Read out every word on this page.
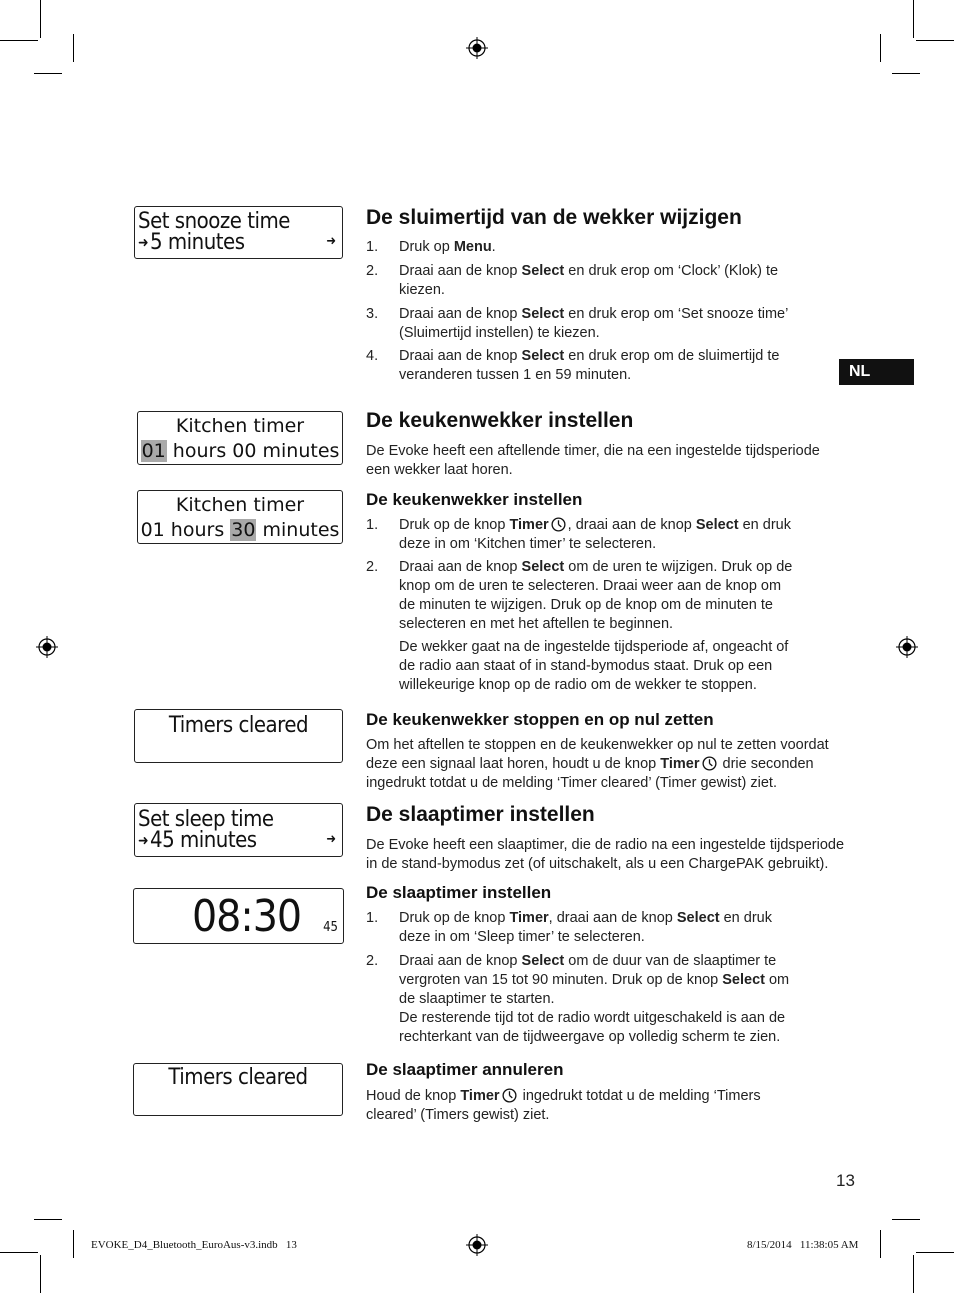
NL
Set snooze time
➜5 minutes	➜
Kitchen timer
01 hours 00 minutes
Kitchen timer
01 hours 30 minutes
Timers cleared
Set sleep time
➜45 minutes	➜
08:30 45
Timers cleared
De sluimertijd van de wekker wijzigen
1. Druk op Menu.
2. Draai aan de knop Select en druk erop om ‘Clock’ (Klok) te
kiezen.
3. Draai aan de knop Select en druk erop om ‘Set snooze time’
(Sluimertijd instellen) te kiezen.
4. Draai aan de knop Select en druk erop om de sluimertijd te
veranderen tussen 1 en 59 minuten.
De keukenwekker instellen
De Evoke heeft een aftellende timer, die na een ingestelde tijdsperiode
een wekker laat horen.
De keukenwekker instellen
1. Druk op de knop Timer , draai aan de knop Select en druk
deze in om ‘Kitchen timer’ te selecteren.
2. Draai aan de knop Select om de uren te wijzigen. Druk op de
knop om de uren te selecteren. Draai weer aan de knop om
de minuten te wijzigen. Druk op de knop om de minuten te
selecteren en met het aftellen te beginnen.
De wekker gaat na de ingestelde tijdsperiode af, ongeacht of
de radio aan staat of in stand-bymodus staat. Druk op een
willekeurige knop op de radio om de wekker te stoppen.
De keukenwekker stoppen en op nul zetten
Om het aftellen te stoppen en de keukenwekker op nul te zetten voordat
deze een signaal laat horen, houdt u de knop Timer drie seconden
ingedrukt totdat u de melding ‘Timer cleared’ (Timer gewist) ziet.
De slaaptimer instellen
De Evoke heeft een slaaptimer, die de radio na een ingestelde tijdsperiode
in de stand-bymodus zet (of uitschakelt, als u een ChargePAK gebruikt).
De slaaptimer instellen
1. Druk op de knop Timer, draai aan de knop Select en druk
deze in om ‘Sleep timer’ te selecteren.
2. Draai aan de knop Select om de duur van de slaaptimer te
vergroten van 15 tot 90 minuten. Druk op de knop Select om
de slaaptimer te starten.
De resterende tijd tot de radio wordt uitgeschakeld is aan de
rechterkant van de tijdweergave op volledig scherm te zien.
De slaaptimer annuleren
Houd de knop Timer ingedrukt totdat u de melding ‘Timers
cleared’ (Timers gewist) ziet.
13
EVOKE_D4_Bluetooth_EuroAus-v3.indb   13	8/15/2014   11:38:05 AM
